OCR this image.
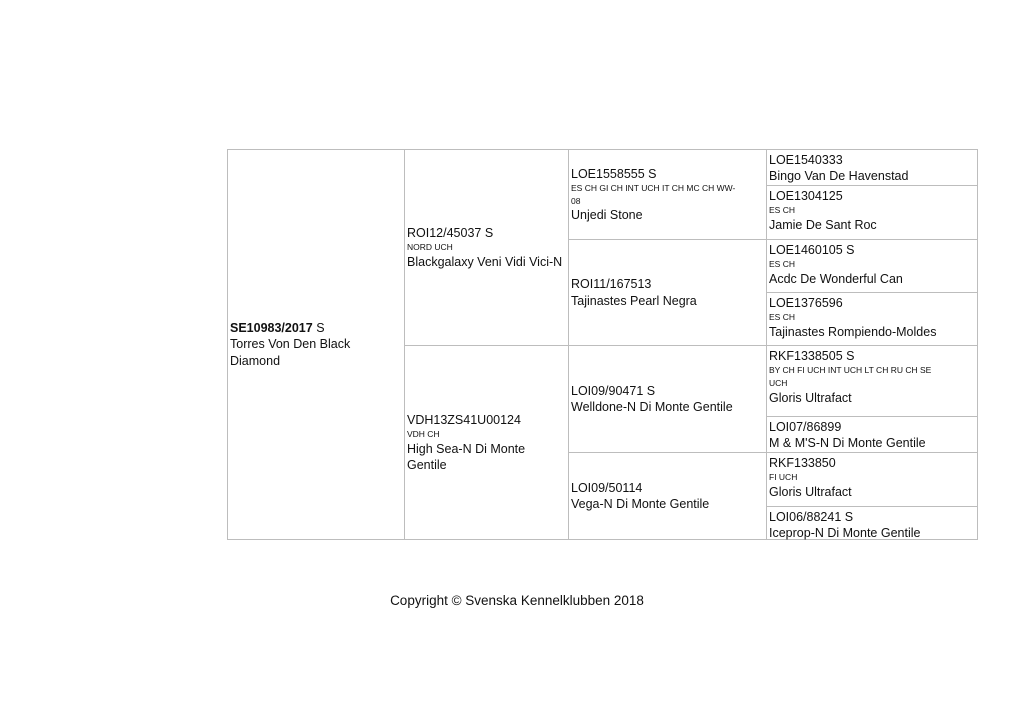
SE10983/2017 S
Torres Von Den Black
Diamond
ROI12/45037 S
NORD UCH
Blackgalaxy Veni Vidi Vici-N
VDH13ZS41U00124
VDH CH
High Sea-N Di Monte
Gentile
LOE1558555 S
ES CH GI CH INT UCH IT CH MC CH WW-
08
Unjedi Stone
ROI11/167513
Tajinastes Pearl Negra
LOI09/90471 S
Welldone-N Di Monte Gentile
LOI09/50114
Vega-N Di Monte Gentile
LOE1540333
Bingo Van De Havenstad
LOE1304125
ES CH
Jamie De Sant Roc
LOE1460105 S
ES CH
Acdc De Wonderful Can
LOE1376596
ES CH
Tajinastes Rompiendo-Moldes
RKF1338505 S
BY CH FI UCH INT UCH LT CH RU CH SE
UCH
Gloris Ultrafact
LOI07/86899
M & M'S-N Di Monte Gentile
RKF133850
FI UCH
Gloris Ultrafact
LOI06/88241 S
Iceprop-N Di Monte Gentile
Copyright © Svenska Kennelklubben 2018
